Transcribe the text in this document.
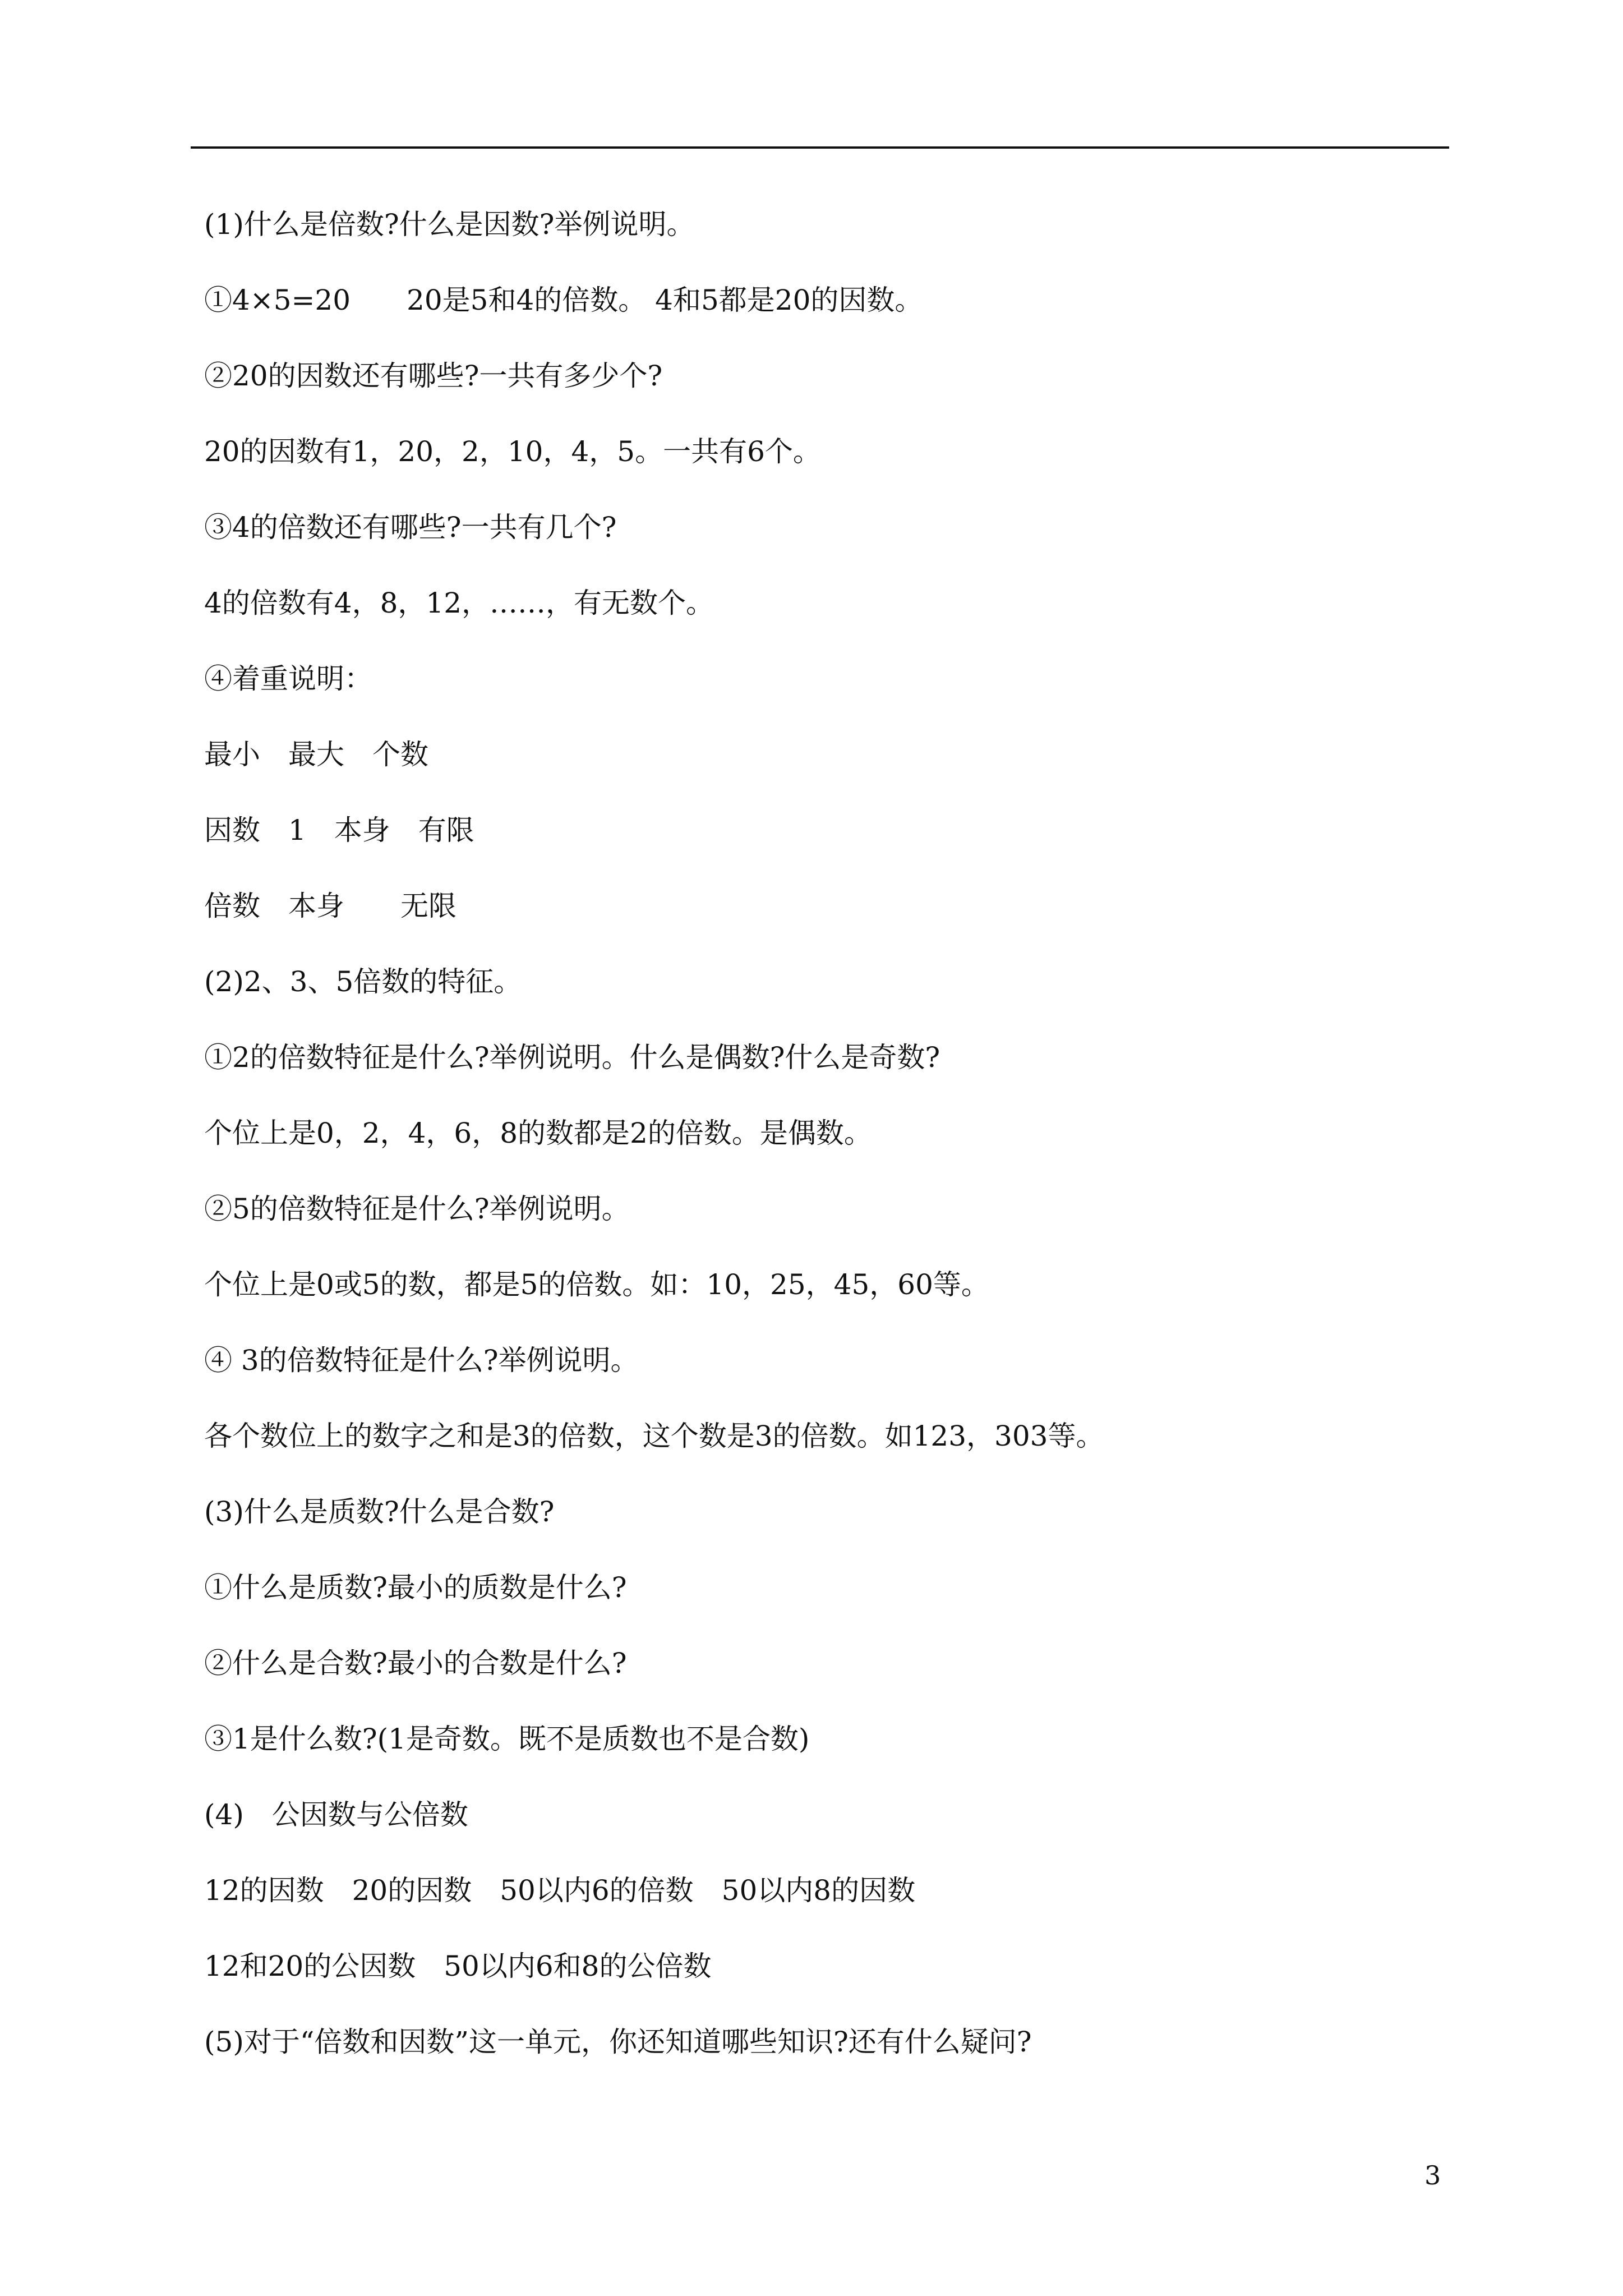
(1)什么是倍数?什么是因数?举例说明。
①4×5=20　　20是5和4的倍数。 4和5都是20的因数。
②20的因数还有哪些?一共有多少个?
20的因数有1，20，2，10，4，5。一共有6个。
③4的倍数还有哪些?一共有几个?
4的倍数有4，8，12，……，有无数个。
④着重说明：
最小　最大　个数
因数　1　本身　有限
倍数　本身　　无限
(2)2、3、5倍数的特征。
①2的倍数特征是什么?举例说明。什么是偶数?什么是奇数?
个位上是0，2，4，6，8的数都是2的倍数。是偶数。
②5的倍数特征是什么?举例说明。
个位上是0或5的数，都是5的倍数。如：10，25，45，60等。
④ 3的倍数特征是什么?举例说明。
各个数位上的数字之和是3的倍数，这个数是3的倍数。如123，303等。
(3)什么是质数?什么是合数?
①什么是质数?最小的质数是什么?
②什么是合数?最小的合数是什么?
③1是什么数?(1是奇数。既不是质数也不是合数)
(4)　公因数与公倍数
12的因数　20的因数　50以内6的倍数　50以内8的因数
12和20的公因数　50以内6和8的公倍数
(5)对于“倍数和因数”这一单元，你还知道哪些知识?还有什么疑问?
3
